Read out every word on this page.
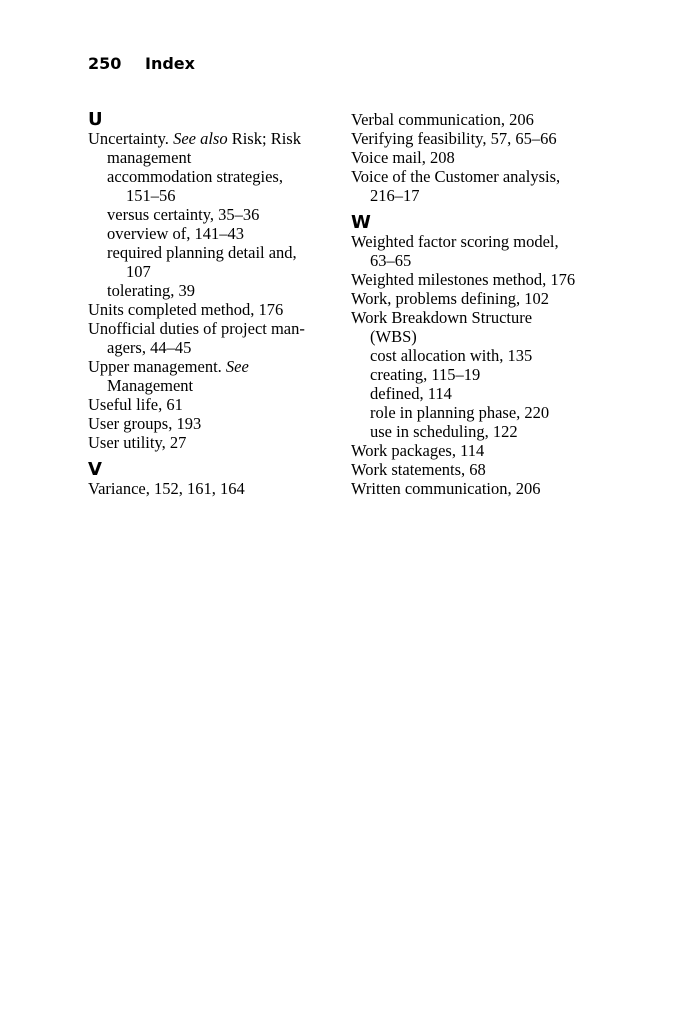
250 Index
U
Uncertainty. See also Risk; Risk
management
accommodation strategies,
151–56
versus certainty, 35–36
overview of, 141–43
required planning detail and,
107
tolerating, 39
Units completed method, 176
Unofficial duties of project man-
agers, 44–45
Upper management. See
Management
Useful life, 61
User groups, 193
User utility, 27
V
Variance, 152, 161, 164
Verbal communication, 206
Verifying feasibility, 57, 65–66
Voice mail, 208
Voice of the Customer analysis,
216–17
W
Weighted factor scoring model,
63–65
Weighted milestones method, 176
Work, problems defining, 102
Work Breakdown Structure
(WBS)
cost allocation with, 135
creating, 115–19
defined, 114
role in planning phase, 220
use in scheduling, 122
Work packages, 114
Work statements, 68
Written communication, 206
